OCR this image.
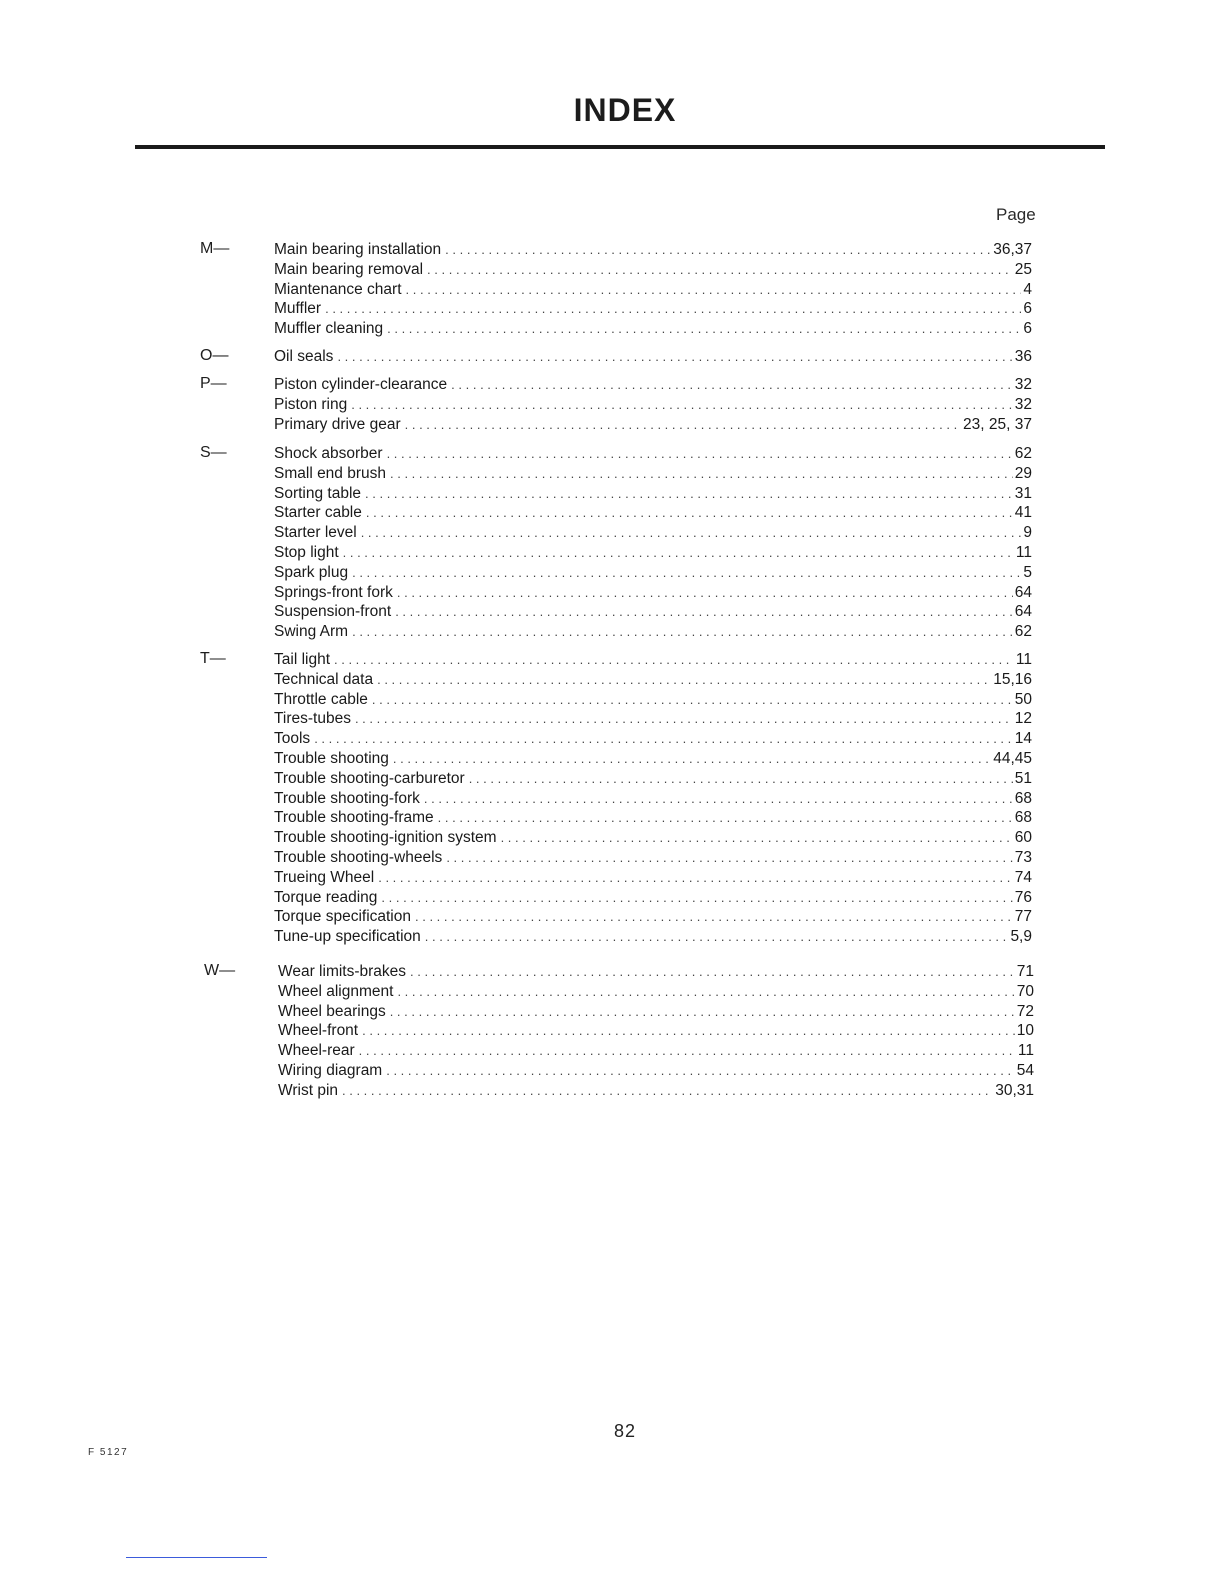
INDEX
Page
M—	Main bearing installation . . .	36,37
Main bearing removal . . .	25
Miantenance chart . . .	4
Muffler . . .	6
Muffler cleaning . . .	6
O—	Oil seals . . .	36
P—	Piston cylinder-clearance . . .	32
Piston ring . . .	32
Primary drive gear . . .	23, 25, 37
S—	Shock absorber . . .	62
Small end brush . . .	29
Sorting table . . .	31
Starter cable . . .	41
Starter level . . .	9
Stop light . . .	11
Spark plug . . .	5
Springs-front fork . . .	64
Suspension-front . . .	64
Swing Arm . . .	62
T—	Tail light . . .	11
Technical data . . .	15,16
Throttle cable . . .	50
Tires-tubes . . .	12
Tools . . .	14
Trouble shooting . . .	44,45
Trouble shooting-carburetor . . .	51
Trouble shooting-fork . . .	68
Trouble shooting-frame . . .	68
Trouble shooting-ignition system . . .	60
Trouble shooting-wheels . . .	73
Trueing Wheel . . .	74
Torque reading . . .	76
Torque specification . . .	77
Tune-up specification . . .	5,9
W—	Wear limits-brakes . . .	71
Wheel alignment . . .	70
Wheel bearings . . .	72
Wheel-front . . .	10
Wheel-rear . . .	11
Wiring diagram . . .	54
Wrist pin . . .	30,31
82
F 5127
